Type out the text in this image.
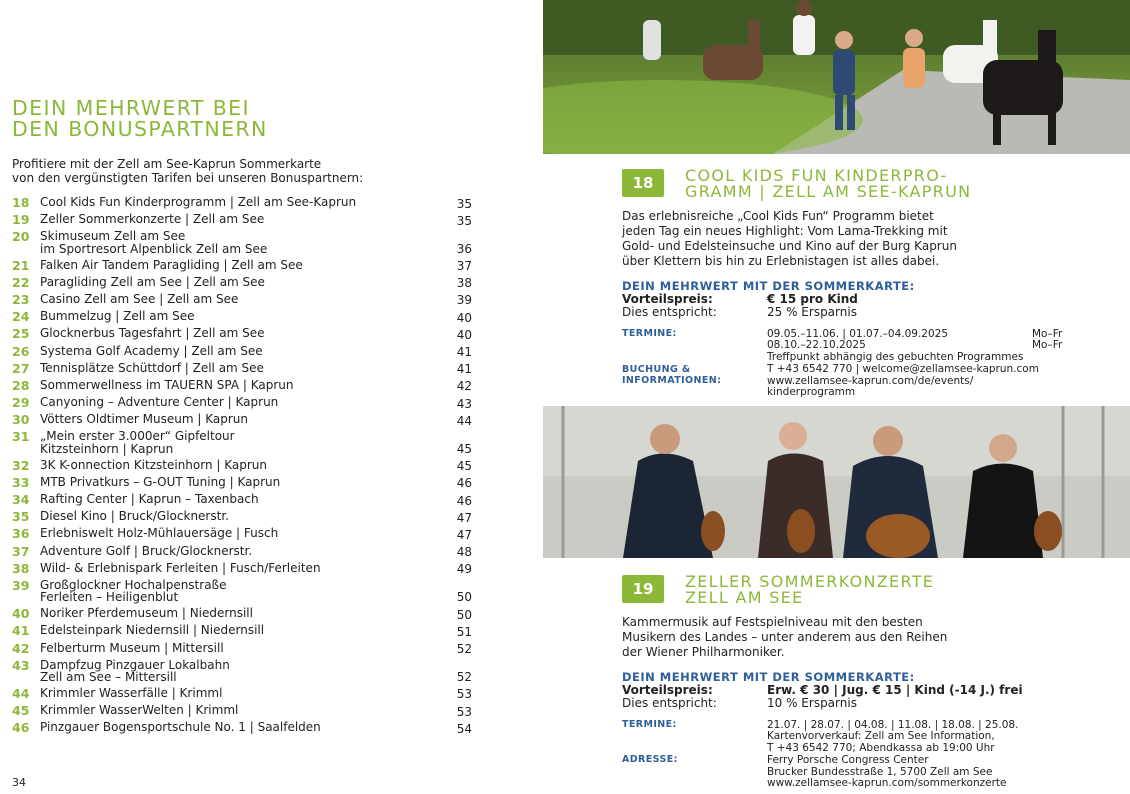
DEIN MEHRWERT BEI
DEN BONUSPARTNERN
Profitiere mit der Zell am See-Kaprun Sommerkarte
von den vergünstigten Tarifen bei unseren Bonuspartnern:
18 Cool Kids Fun Kinderprogramm | Zell am See-Kaprun	35
19 Zeller Sommerkonzerte | Zell am See	35
20 Skimuseum Zell am See
im Sportresort Alpenblick Zell am See	36
21 Falken Air Tandem Paragliding | Zell am See	37
22 Paragliding Zell am See | Zell am See	38
23 Casino Zell am See | Zell am See	39
24 Bummelzug | Zell am See	40
25 Glocknerbus Tagesfahrt | Zell am See	40
26 Systema Golf Academy | Zell am See	41
27 Tennisplätze Schüttdorf | Zell am See	41
28 Sommerwellness im TAUERN SPA | Kaprun	42
29 Canyoning – Adventure Center | Kaprun	43
30 Vötters Oldtimer Museum | Kaprun	44
31 „Mein erster 3.000er“ Gipfeltour
Kitzsteinhorn | Kaprun	45
32 3K K-onnection Kitzsteinhorn | Kaprun	45
33 MTB Privatkurs – G-OUT Tuning | Kaprun	46
34 Rafting Center | Kaprun – Taxenbach	46
35 Diesel Kino | Bruck/Glocknerstr.	47
36 Erlebniswelt Holz-Mühlauersäge | Fusch	47
37 Adventure Golf | Bruck/Glocknerstr.	48
38 Wild- & Erlebnispark Ferleiten | Fusch/Ferleiten	49
39 Großglockner Hochalpenstraße
Ferleiten – Heiligenblut	50
40 Noriker Pferdemuseum | Niedernsill	50
41 Edelsteinpark Niedernsill | Niedernsill	51
42 Felberturm Museum | Mittersill	52
43 Dampfzug Pinzgauer Lokalbahn
Zell am See – Mittersill	52
44 Krimmler Wasserfälle | Krimml	53
45 Krimmler WasserWelten | Krimml	53
46 Pinzgauer Bogensportschule No. 1 | Saalfelden	54
34
18	COOL KIDS FUN KINDERPRO-
GRAMM | ZELL AM SEE-KAPRUN
Das erlebnisreiche „Cool Kids Fun“ Programm bietet
jeden Tag ein neues Highlight: Vom Lama-Trekking mit
Gold- und Edelsteinsuche und Kino auf der Burg Kaprun
über Klettern bis hin zu Erlebnistagen ist alles dabei.
DEIN MEHRWERT MIT DER SOMMERKARTE:
Vorteilspreis:	€ 15 pro Kind
Dies entspricht:	25 % Ersparnis
TERMINE:	09.05.–11.06. | 01.07.–04.09.2025	Mo–Fr
08.10.–22.10.2025	Mo–Fr
Treffpunkt abhängig des gebuchten Programmes
BUCHUNG &
INFORMATIONEN:
T +43 6542 770 | welcome@zellamsee-kaprun.com
www.zellamsee-kaprun.com/de/events/
kinderprogramm
19	ZELLER SOMMERKONZERTE
ZELL AM SEE
Kammermusik auf Festspielniveau mit den besten
Musikern des Landes – unter anderem aus den Reihen
der Wiener Philharmoniker.
DEIN MEHRWERT MIT DER SOMMERKARTE:
Vorteilspreis:	Erw. € 30 | Jug. € 15 | Kind (-14 J.) frei
Dies entspricht:	10 % Ersparnis
TERMINE:	21.07. | 28.07. | 04.08. | 11.08. | 18.08. | 25.08.
Kartenvorverkauf: Zell am See Information,
T +43 6542 770; Abendkassa ab 19:00 Uhr
ADRESSE:	Ferry Porsche Congress Center
Brucker Bundesstraße 1, 5700 Zell am See
www.zellamsee-kaprun.com/sommerkonzerte
